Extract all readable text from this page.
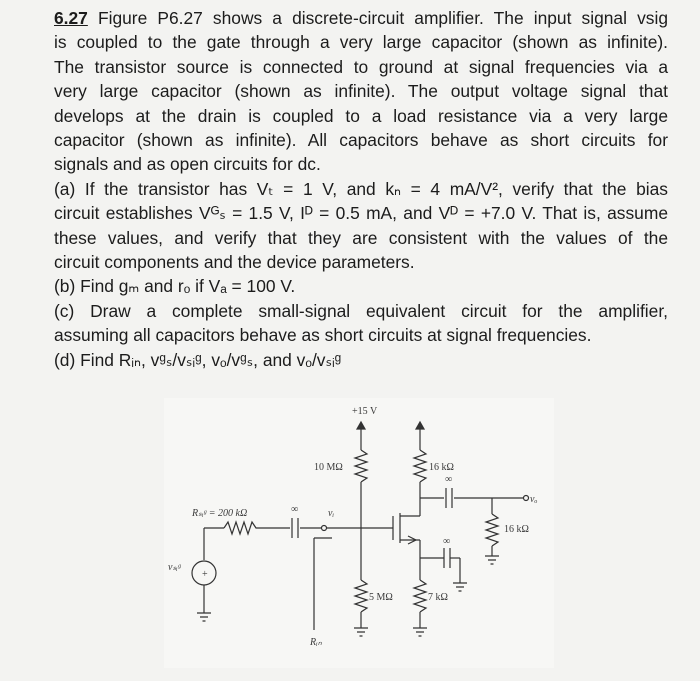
6.27 Figure P6.27 shows a discrete-circuit amplifier. The input signal vsig

is coupled to the gate through a very large capacitor (shown as infinite).

The transistor source is connected to ground at signal frequencies via a

very large capacitor (shown as infinite). The output voltage signal that

develops at the drain is coupled to a load resistance via a very large

capacitor (shown as infinite). All capacitors behave as short circuits for

signals and as open circuits for dc.

(a) If the transistor has Vₜ = 1 V, and kₙ = 4 mA/V², verify that the bias

circuit establishes Vᴳₛ = 1.5 V, Iᴰ = 0.5 mA, and Vᴰ = +7.0 V. That is, assume

these values, and verify that they are consistent with the values of the

circuit components and the device parameters.

(b) Find gₘ and rₒ if Vₐ = 100 V.

(c) Draw a complete small-signal equivalent circuit for the amplifier,

assuming all capacitors behave as short circuits at signal frequencies.

(d) Find Rᵢₙ, vᵍₛ/vₛᵢᵍ, vₒ/vᵍₛ, and vₒ/vₛᵢᵍ

+
+15 V
10 MΩ	16 kΩ
16 kΩ
Rₛᵢᵍ = 200 kΩ
vₛᵢᵍ
vᵢ
vₒ
5 MΩ	7 kΩ
Rᵢₙ
∞
∞
∞
